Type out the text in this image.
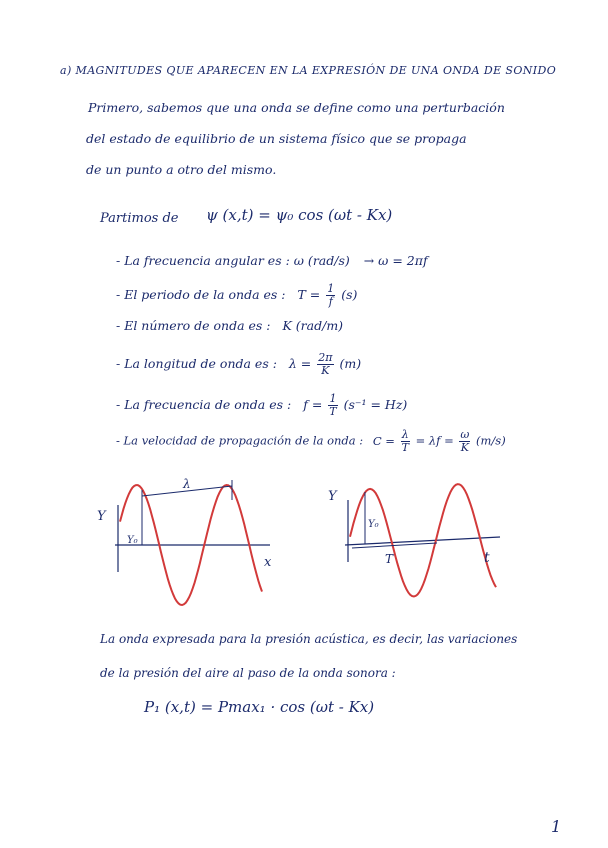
a) MAGNITUDES QUE APARECEN EN LA EXPRESIÓN DE UNA ONDA DE SONIDO
Primero, sabemos que una onda se define como una perturbación
del estado de equilibrio de un sistema físico que se propaga
de un punto a otro del mismo.
Partimos de ψ (x,t) = ψ₀ cos (ωt - Kx)
- La frecuencia angular es : ω (rad/s) → ω = 2πf
- El periodo de la onda es : $T = \frac{1}{f} (s)$
- El número de onda es : K (rad/m)
- La longitud de onda es : $\lambda = \frac{2\pi}{K} (m)$
- La frecuencia de onda es : $f = \frac{1}{T} (s^{-1} = Hz)$
- La velocidad de propagación de la onda : $C = \frac{\lambda}{T} = \lambda f = \frac{\omega}{K} (m/s)$
Y
x
Y₀
λ
Y
t
Y₀
T
La onda expresada para la presión acústica, es decir, las variaciones
de la presión del aire al paso de la onda sonora :
P₁ (x,t) = Pmax₁ · cos (ωt - Kx)
1
